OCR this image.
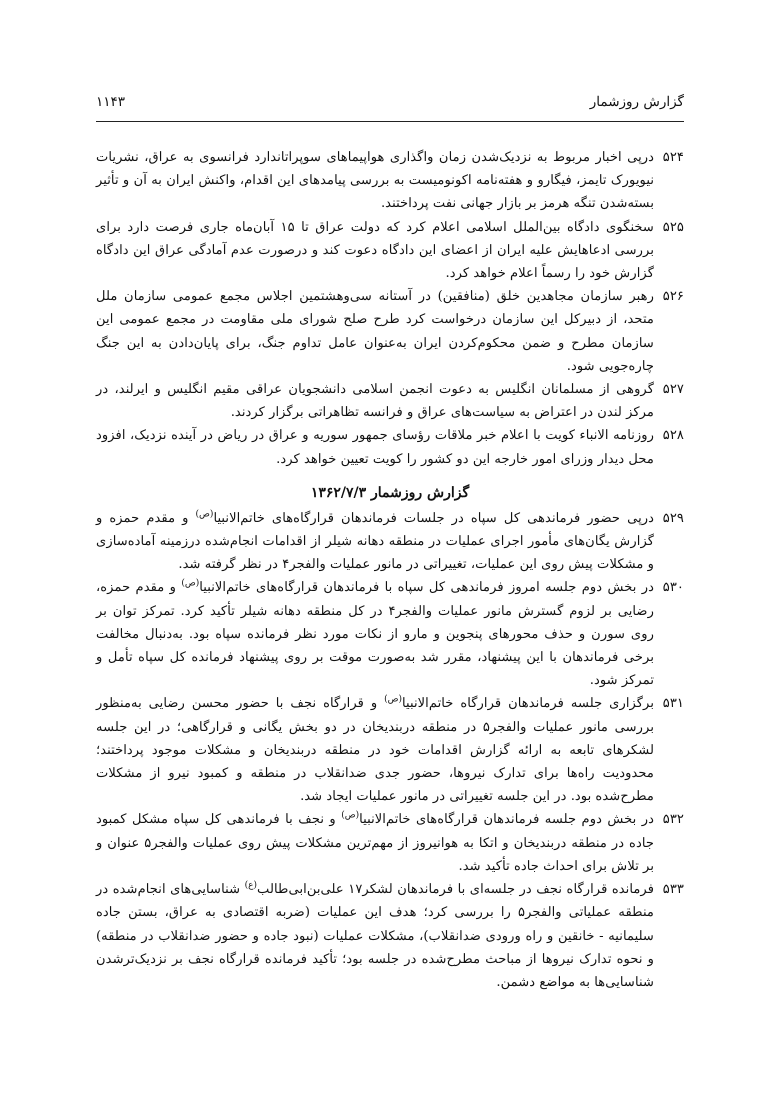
گزارش روزشمار
۱۱۴۳

۵۲۴
درپی اخبار مربوط به نزدیک‌شدن زمان واگذاری هواپیماهای سوپراتاندارد فرانسوی به عراق، نشریات نیویورک تایمز، فیگارو و هفته‌نامه اکونومیست به بررسی پیامدهای این اقدام، واکنش ایران به آن و تأثیر بسته‌شدن تنگه هرمز بر بازار جهانی نفت پرداختند.

۵۲۵
سخنگوی دادگاه بین‌الملل اسلامی اعلام کرد که دولت عراق تا ۱۵ آبان‌ماه جاری فرصت دارد برای بررسی ادعاهایش علیه ایران از اعضای این دادگاه دعوت کند و درصورت عدم آمادگی عراق این دادگاه گزارش خود را رسماً اعلام خواهد کرد.

۵۲۶
رهبر سازمان مجاهدین خلق (منافقین) در آستانه سی‌وهشتمین اجلاس مجمع عمومی سازمان ملل متحد، از دبیرکل این سازمان درخواست کرد طرح صلح شورای ملی مقاومت در مجمع عمومی این سازمان مطرح و ضمن محکوم‌کردن ایران به‌عنوان عامل تداوم جنگ، برای پایان‌دادن به این جنگ چاره‌جویی شود.

۵۲۷
گروهی از مسلمانان انگلیس به دعوت انجمن اسلامی دانشجویان عراقی مقیم انگلیس و ایرلند، در مرکز لندن در اعتراض به سیاست‌های عراق و فرانسه تظاهراتی برگزار کردند.

۵۲۸
روزنامه الانباء کویت با اعلام خبر ملاقات رؤسای جمهور سوریه و عراق در ریاض در آینده نزدیک، افزود محل دیدار وزرای امور خارجه این دو کشور را کویت تعیین خواهد کرد.

گزارش روزشمار ۱۳۶۲/۷/۳

۵۲۹
درپی حضور فرماندهی کل سپاه در جلسات فرماندهان قرارگاه‌های خاتم‌الانبیا$^{(ص)}$ و مقدم حمزه و گزارش یگان‌های مأمور اجرای عملیات در منطقه دهانه شیلر از اقدامات انجام‌شده درزمینه آماده‌سازی و مشکلات پیش روی این عملیات، تغییراتی در مانور عملیات والفجر۴ در نظر گرفته شد.

۵۳۰
در بخش دوم جلسه امروز فرماندهی کل سپاه با فرماندهان قرارگاه‌های خاتم‌الانبیا$^{(ص)}$ و مقدم حمزه، رضایی بر لزوم گسترش مانور عملیات والفجر۴ در کل منطقه دهانه شیلر تأکید کرد. تمرکز توان بر روی سورن و حذف محورهای پنجوین و مارو از نکات مورد نظر فرمانده سپاه بود. به‌دنبال مخالفت برخی فرماندهان با این پیشنهاد، مقرر شد به‌صورت موقت بر روی پیشنهاد فرمانده کل سپاه تأمل و تمرکز شود.

۵۳۱
برگزاری جلسه فرماندهان قرارگاه خاتم‌الانبیا$^{(ص)}$ و قرارگاه نجف با حضور محسن رضایی به‌منظور بررسی مانور عملیات والفجر۵ در منطقه دربندیخان در دو بخش یگانی و قرارگاهی؛ در این جلسه لشکرهای تابعه به ارائه گزارش اقدامات خود در منطقه دربندیخان و مشکلات موجود پرداختند؛ محدودیت راه‌ها برای تدارک نیروها، حضور جدی ضدانقلاب در منطقه و کمبود نیرو از مشکلات مطرح‌شده بود. در این جلسه تغییراتی در مانور عملیات ایجاد شد.

۵۳۲
در بخش دوم جلسه فرماندهان قرارگاه‌های خاتم‌الانبیا$^{(ص)}$ و نجف با فرماندهی کل سپاه مشکل کمبود جاده در منطقه دربندیخان و اتکا به هوانیروز از مهم‌ترین مشکلات پیش روی عملیات والفجر۵ عنوان و بر تلاش برای احداث جاده تأکید شد.

۵۳۳
فرمانده قرارگاه نجف در جلسه‌ای با فرماندهان لشکر۱۷ علی‌بن‌ابی‌طالب$^{(ع)}$ شناسایی‌های انجام‌شده در منطقه عملیاتی والفجر۵ را بررسی کرد؛ هدف این عملیات (ضربه اقتصادی به عراق، بستن جاده سلیمانیه - خانقین و راه ورودی ضدانقلاب)، مشکلات عملیات (نبود جاده و حضور ضدانقلاب در منطقه) و نحوه تدارک نیروها از مباحث مطرح‌شده در جلسه بود؛ تأکید فرمانده قرارگاه نجف بر نزدیک‌ترشدن شناسایی‌ها به مواضع دشمن.
